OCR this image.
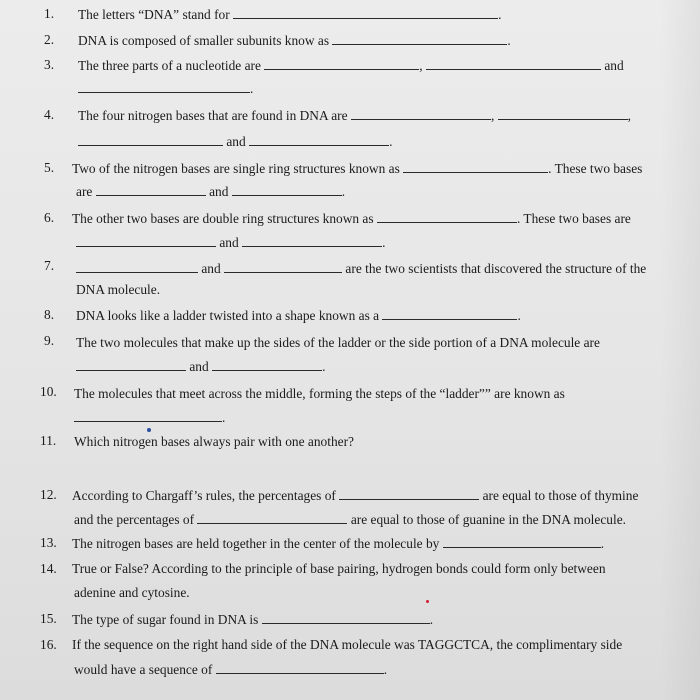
1. The letters “DNA” stand for	.
2. DNA is composed of smaller subunits know as	.
3. The three parts of a nucleotide are	,	and
.
4. The four nitrogen bases that are found in DNA are	,	,
and	.
5. Two of the nitrogen bases are single ring structures known as	. These two bases
are	and	.
6. The other two bases are double ring structures known as	. These two bases are
and	.
7.	and	are the two scientists that discovered the structure of the
DNA molecule.
8. DNA looks like a ladder twisted into a shape known as a	.
9. The two molecules that make up the sides of the ladder or the side portion of a DNA molecule are
and	.
10. The molecules that meet across the middle, forming the steps of the “ladder”” are known as
.
11. Which nitrogen bases always pair with one another?
12. According to Chargaff’s rules, the percentages of	are equal to those of thymine
and the percentages of	are equal to those of guanine in the DNA molecule.
13. The nitrogen bases are held together in the center of the molecule by	.
14. True or False? According to the principle of base pairing, hydrogen bonds could form only between
adenine and cytosine.
15. The type of sugar found in DNA is	.
16. If the sequence on the right hand side of the DNA molecule was TAGGCTCA, the complimentary side
would have a sequence of	.
